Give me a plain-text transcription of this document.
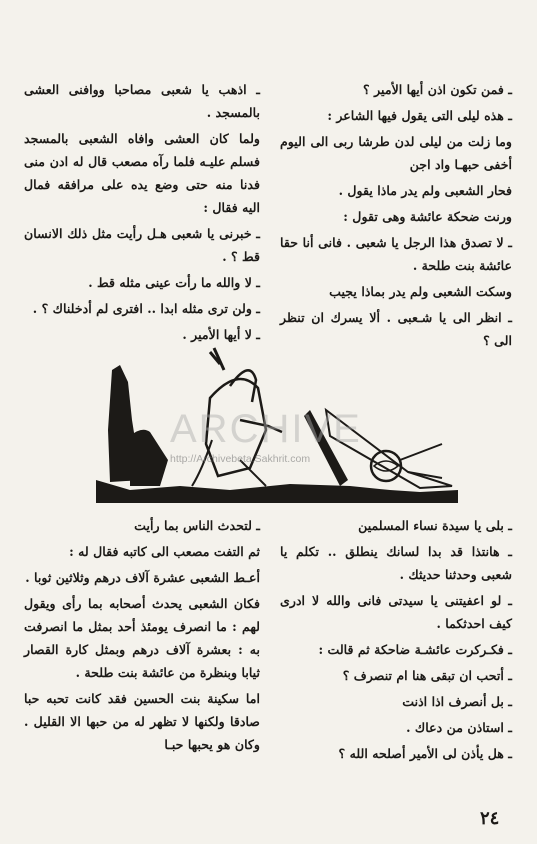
ـ فمن تكون اذن أيها الأمير ؟

ـ هذه ليلى التى يقول فيها الشاعر :

وما زلت من ليلى لدن طرشا ربى الى اليوم أخفى حبهـا واد اجن

فحار الشعبى ولم يدر ماذا يقول .

ورنت ضحكة عائشة وهى تقول :

ـ لا تصدق هذا الرجل يا شعبى . فانى أنا حقا عائشة بنت طلحة .

وسكت الشعبى ولم يدر بماذا يجيب

ـ انظر الى يا شـعبى . ألا يسرك ان تنظر الى ؟

ـ اذهب يا شعبى مصاحبا ووافنى العشى بالمسجد .

ولما كان العشى وافاه الشعبى بالمسجد فسلم عليـه فلما رآه مصعب قال له ادن منى فدنا منه حتى وضع يده على مرافقه فمال اليه فقال :

ـ خبرنى يا شعبى هـل رأيت مثل ذلك الانسان قط ؟ .

ـ لا والله ما رأت عينى مثله قط .

ـ ولن ترى مثله ابدا .. افترى لم أدخلناك ؟ .

ـ لا أيها الأمير .

ARCHIVE
http://Archivebeta.Sakhrit.com

ـ بلى يا سيدة نساء المسلمين

ـ هانتذا قد بدا لسانك ينطلق .. تكلم يا شعبى وحدثنا حديثك .

ـ لو اعفيتنى يا سيدتى فانى والله لا ادرى كيف احدثكما .

ـ فكـركرت عائشـة ضاحكة ثم قالت :

ـ أتحب ان تبقى هنا ام تنصرف ؟

ـ بل أنصرف اذا اذنت

ـ استاذن من دعاك .

ـ هل يأذن لى الأمير أصلحه الله ؟

ـ لتحدث الناس بما رأيت

ثم التفت مصعب الى كاتبه فقال له :

أعـط الشعبى عشرة آلاف درهم وثلاثين ثوبا .

فكان الشعبى يحدث أصحابه بما رأى ويقول لهم : ما انصرف يومئذ أحد بمثل ما انصرفت به : بعشرة آلاف درهم وبمثل كارة القصار ثيابا وبنظرة من عائشة بنت طلحة .

اما سكينة بنت الحسين فقد كانت تحبه حبا صادقا ولكنها لا تظهر له من حبها الا القليل . وكان هو يحبها حبـا

٢٤
